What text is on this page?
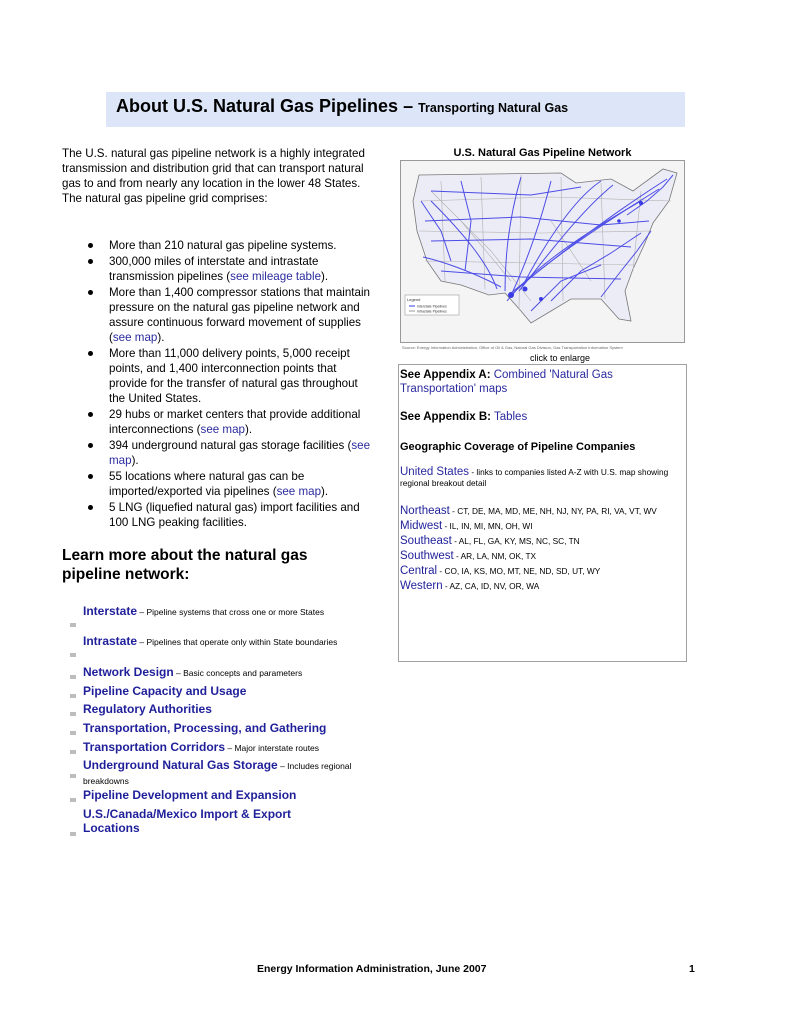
About U.S. Natural Gas Pipelines – Transporting Natural Gas

The U.S. natural gas pipeline network is a highly integrated transmission and distribution grid that can transport natural gas to and from nearly any location in the lower 48 States. The natural gas pipeline grid comprises:

More than 210 natural gas pipeline systems.
300,000 miles of interstate and intrastate transmission pipelines (see mileage table).
More than 1,400 compressor stations that maintain pressure on the natural gas pipeline network and assure continuous forward movement of supplies (see map).
More than 11,000 delivery points, 5,000 receipt points, and 1,400 interconnection points that provide for the transfer of natural gas throughout the United States.
29 hubs or market centers that provide additional interconnections (see map).
394 underground natural gas storage facilities (see map).
55 locations where natural gas can be imported/exported via pipelines (see map).
5 LNG (liquefied natural gas) import facilities and 100 LNG peaking facilities.
Learn more about the natural gas pipeline network:
Interstate – Pipeline systems that cross one or more States
Intrastate – Pipelines that operate only within State boundaries
Network Design – Basic concepts and parameters
Pipeline Capacity and Usage
Regulatory Authorities
Transportation, Processing, and Gathering
Transportation Corridors – Major interstate routes
Underground Natural Gas Storage – Includes regional breakdowns
Pipeline Development and Expansion
U.S./Canada/Mexico Import & Export Locations
U.S. Natural Gas Pipeline Network
Legend
Interstate Pipelines
Intrastate Pipelines
Source: Energy Information Administration, Office of Oil & Gas, Natural Gas Division, Gas Transportation Information System
click to enlarge
See Appendix A: Combined 'Natural Gas Transportation' maps
See Appendix B: Tables
Geographic Coverage of Pipeline Companies
United States - links to companies listed A-Z with U.S. map showing regional breakout detail
Northeast - CT, DE, MA, MD, ME, NH, NJ, NY, PA, RI, VA, VT, WV
Midwest - IL, IN, MI, MN, OH, WI
Southeast - AL, FL, GA, KY, MS, NC, SC, TN
Southwest - AR, LA, NM, OK, TX
Central - CO, IA, KS, MO, MT, NE, ND, SD, UT, WY
Western - AZ, CA, ID, NV, OR, WA
Energy Information Administration, June 2007	1
